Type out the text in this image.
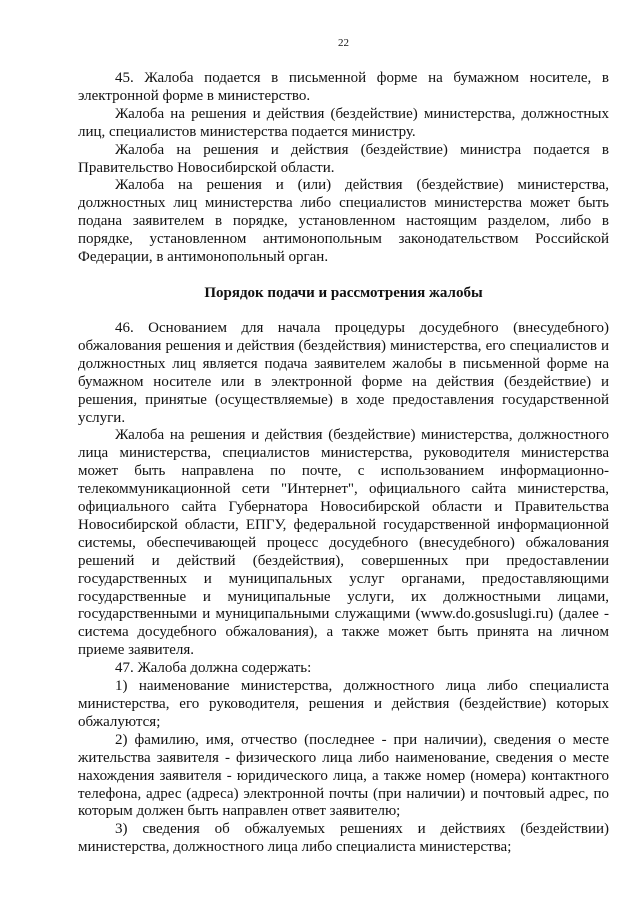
22

45. Жалоба подается в письменной форме на бумажном носителе, в электронной форме в министерство.

Жалоба на решения и действия (бездействие) министерства, должностных лиц, специалистов министерства подается министру.

Жалоба на решения и действия (бездействие) министра подается в Правительство Новосибирской области.

Жалоба на решения и (или) действия (бездействие) министерства, должностных лиц министерства либо специалистов министерства может быть подана заявителем в порядке, установленном настоящим разделом, либо в порядке, установленном антимонопольным законодательством Российской Федерации, в антимонопольный орган.

Порядок подачи и рассмотрения жалобы

46. Основанием для начала процедуры досудебного (внесудебного) обжалования решения и действия (бездействия) министерства, его специалистов и должностных лиц является подача заявителем жалобы в письменной форме на бумажном носителе или в электронной форме на действия (бездействие) и решения, принятые (осуществляемые) в ходе предоставления государственной услуги.

Жалоба на решения и действия (бездействие) министерства, должностного лица министерства, специалистов министерства, руководителя министерства может быть направлена по почте, с использованием информационно-телекоммуникационной сети "Интернет", официального сайта министерства, официального сайта Губернатора Новосибирской области и Правительства Новосибирской области, ЕПГУ, федеральной государственной информационной системы, обеспечивающей процесс досудебного (внесудебного) обжалования решений и действий (бездействия), совершенных при предоставлении государственных и муниципальных услуг органами, предоставляющими государственные и муниципальные услуги, их должностными лицами, государственными и муниципальными служащими (www.do.gosuslugi.ru) (далее - система досудебного обжалования), а также может быть принята на личном приеме заявителя.

47. Жалоба должна содержать:

1) наименование министерства, должностного лица либо специалиста министерства, его руководителя, решения и действия (бездействие) которых обжалуются;

2) фамилию, имя, отчество (последнее - при наличии), сведения о месте жительства заявителя - физического лица либо наименование, сведения о месте нахождения заявителя - юридического лица, а также номер (номера) контактного телефона, адрес (адреса) электронной почты (при наличии) и почтовый адрес, по которым должен быть направлен ответ заявителю;

3) сведения об обжалуемых решениях и действиях (бездействии) министерства, должностного лица либо специалиста министерства;
